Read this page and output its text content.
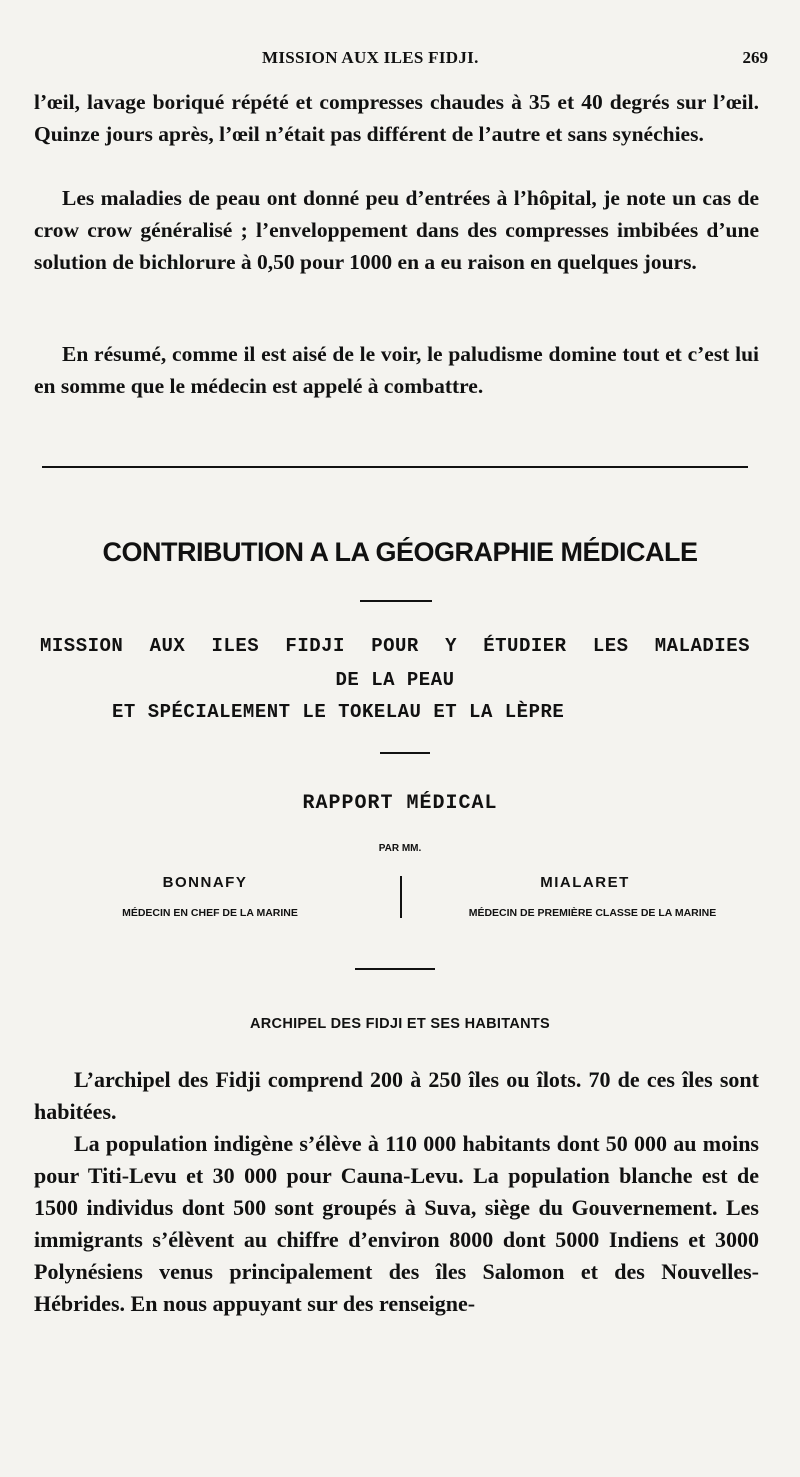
MISSION AUX ILES FIDJI.	269

l’œil, lavage boriqué répété et compresses chaudes à 35 et 40 degrés sur l’œil. Quinze jours après, l’œil n’était pas différent de l’autre et sans synéchies.

Les maladies de peau ont donné peu d’entrées à l’hôpital, je note un cas de crow crow généralisé ; l’enveloppement dans des compresses imbibées d’une solution de bichlorure à 0,50 pour 1000 en a eu raison en quelques jours.

En résumé, comme il est aisé de le voir, le paludisme domine tout et c’est lui en somme que le médecin est appelé à combattre.

CONTRIBUTION A LA GÉOGRAPHIE MÉDICALE
MISSION AUX ILES FIDJI POUR Y ÉTUDIER LES MALADIES
DE LA PEAU
ET SPÉCIALEMENT LE TOKELAU ET LA LÈPRE
RAPPORT MÉDICAL
PAR MM.
BONNAFY
MÉDECIN EN CHEF DE LA MARINE
MIALARET
MÉDECIN DE PREMIÈRE CLASSE DE LA MARINE
ARCHIPEL DES FIDJI ET SES HABITANTS

L’archipel des Fidji comprend 200 à 250 îles ou îlots. 70 de ces îles sont habitées.

La population indigène s’élève à 110 000 habitants dont 50 000 au moins pour Titi-Levu et 30 000 pour Cauna-Levu. La population blanche est de 1500 individus dont 500 sont groupés à Suva, siège du Gouvernement. Les immigrants s’élèvent au chiffre d’environ 8000 dont 5000 Indiens et 3000 Polynésiens venus principalement des îles Salomon et des Nouvelles-Hébrides. En nous appuyant sur des renseigne-
